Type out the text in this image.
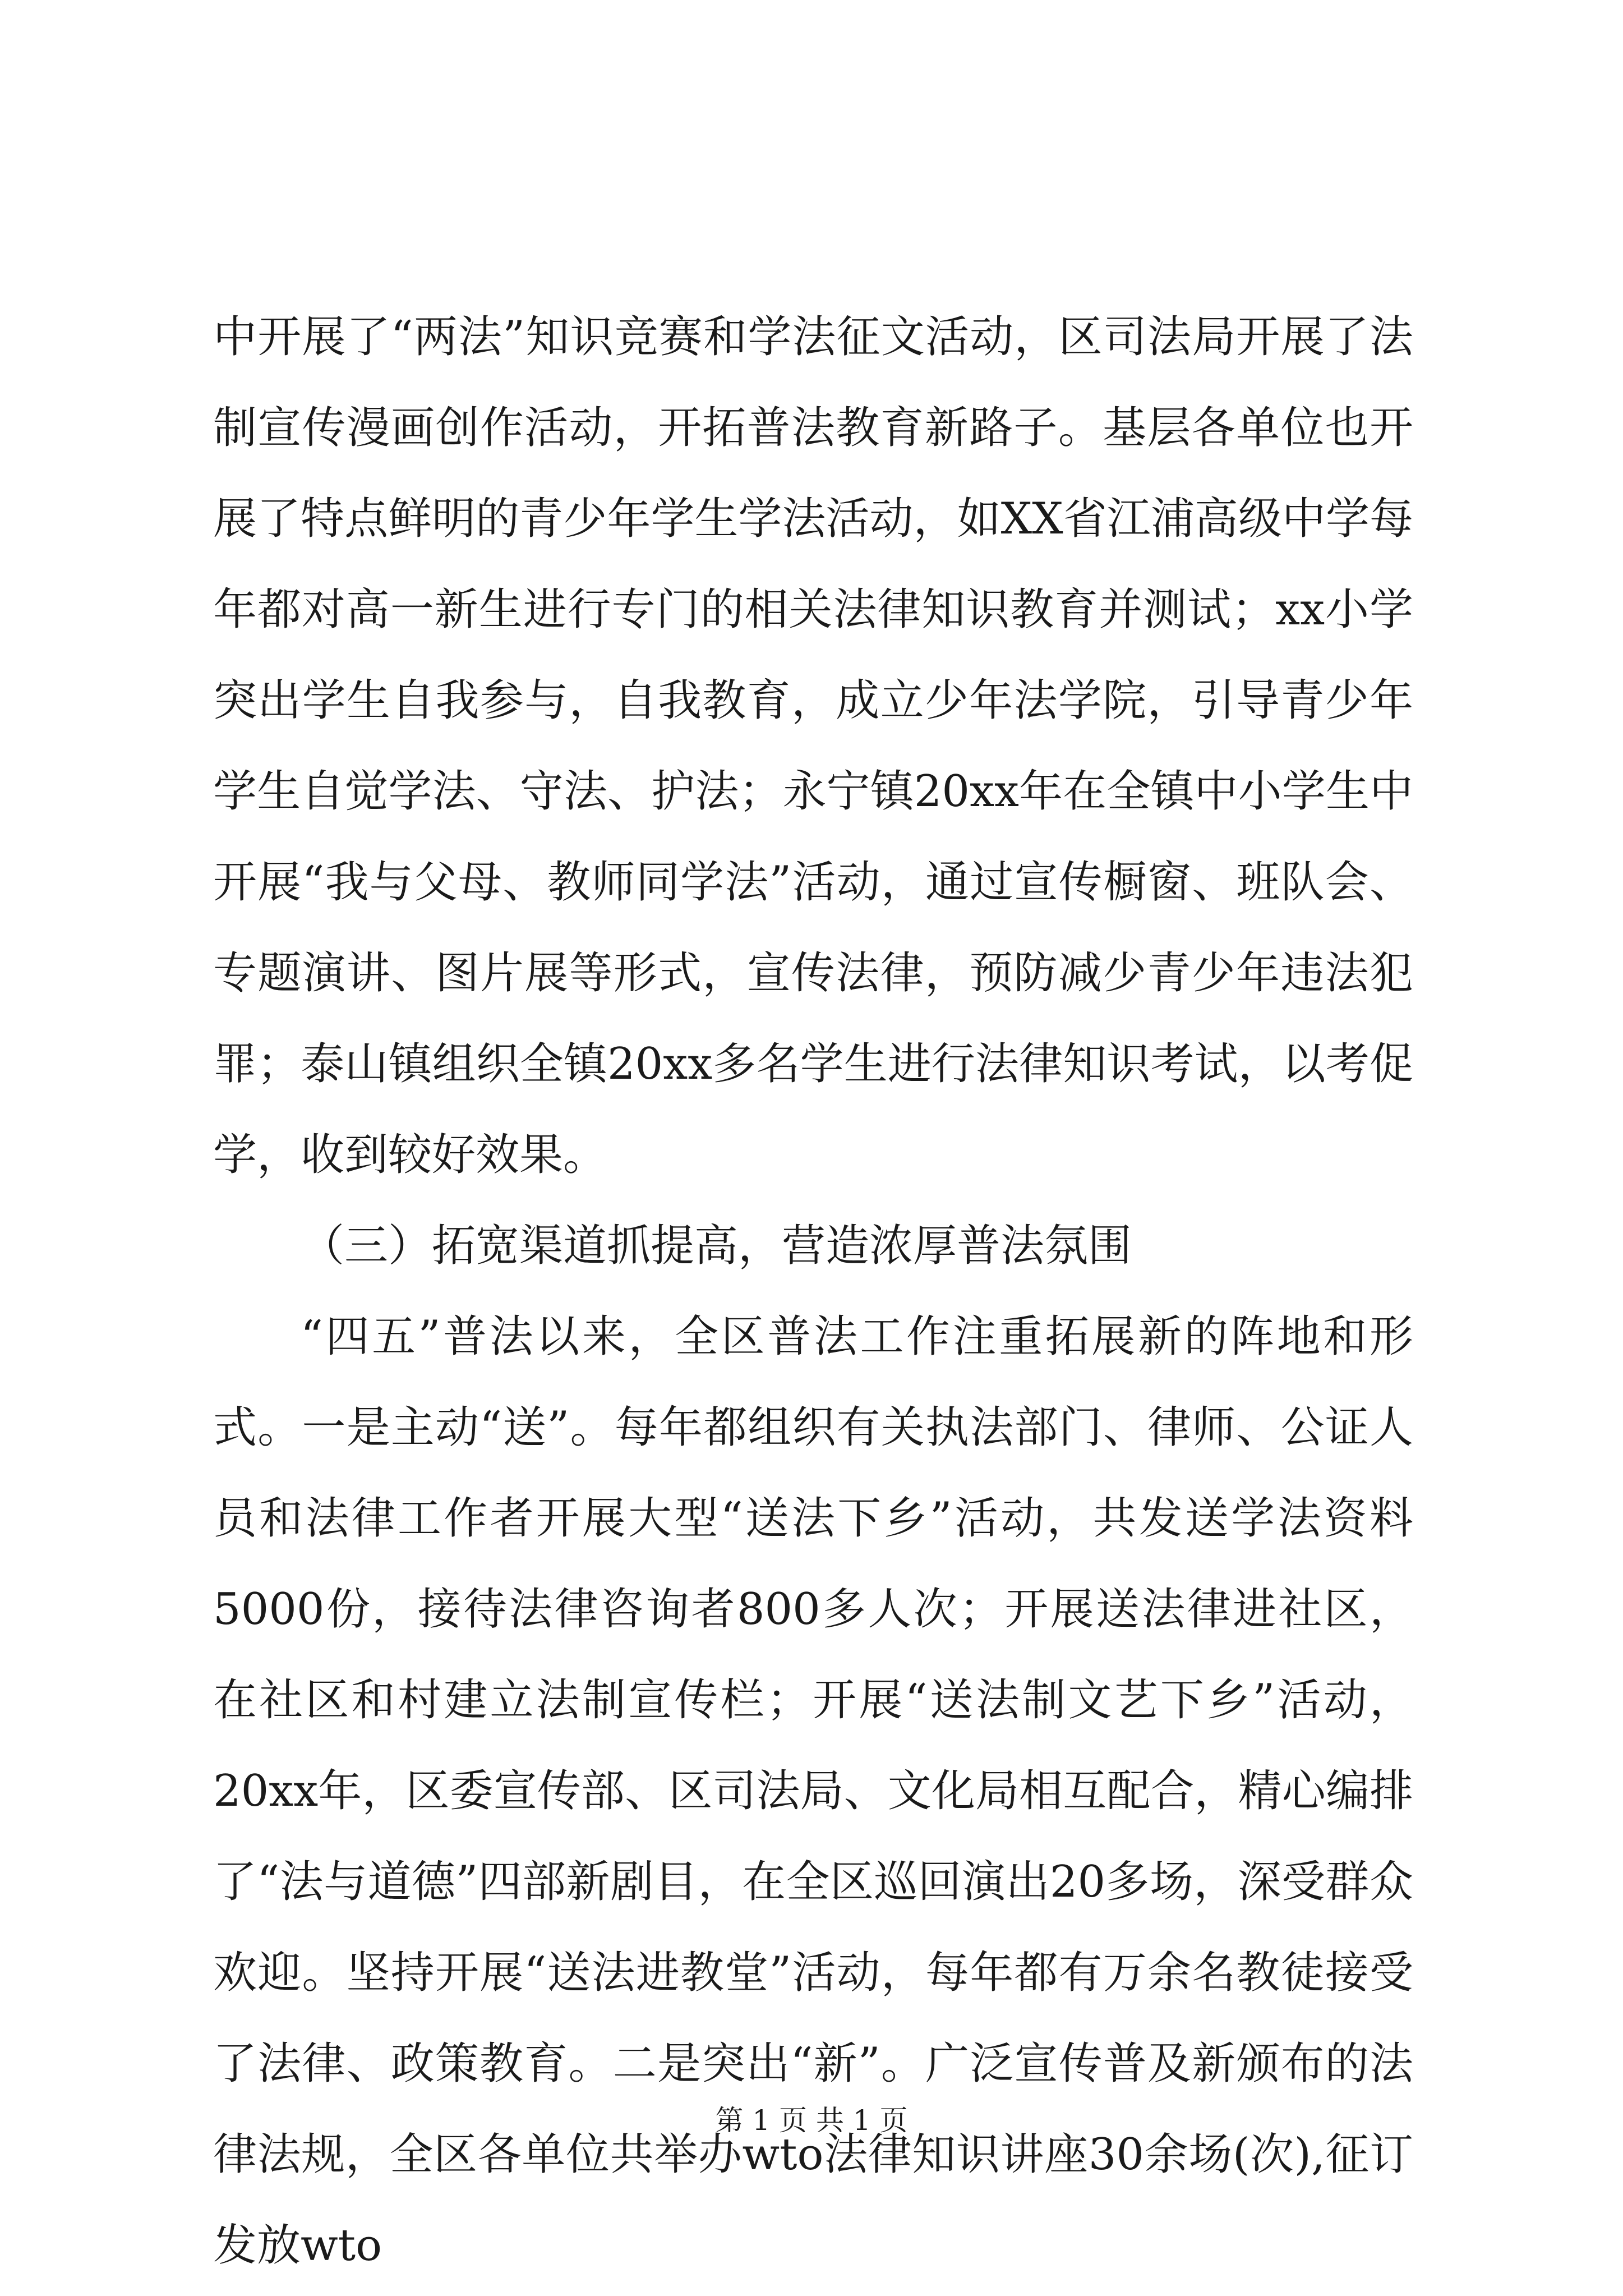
中开展了“两法”知识竞赛和学法征文活动，区司法局开展了法制宣传漫画创作活动，开拓普法教育新路子。基层各单位也开展了特点鲜明的青少年学生学法活动，如XX省江浦高级中学每年都对高一新生进行专门的相关法律知识教育并测试；xx小学突出学生自我参与，自我教育，成立少年法学院，引导青少年学生自觉学法、守法、护法；永宁镇20xx年在全镇中小学生中开展“我与父母、教师同学法”活动，通过宣传橱窗、班队会、专题演讲、图片展等形式，宣传法律，预防减少青少年违法犯罪；泰山镇组织全镇20xx多名学生进行法律知识考试，以考促学，收到较好效果。

（三）拓宽渠道抓提高，营造浓厚普法氛围

“四五”普法以来，全区普法工作注重拓展新的阵地和形式。一是主动“送”。每年都组织有关执法部门、律师、公证人员和法律工作者开展大型“送法下乡”活动，共发送学法资料5000份，接待法律咨询者800多人次；开展送法律进社区，在社区和村建立法制宣传栏；开展“送法制文艺下乡”活动，20xx年，区委宣传部、区司法局、文化局相互配合，精心编排了“法与道德”四部新剧目，在全区巡回演出20多场，深受群众欢迎。坚持开展“送法进教堂”活动，每年都有万余名教徒接受了法律、政策教育。二是突出“新”。广泛宣传普及新颁布的法律法规，全区各单位共举办wto法律知识讲座30余场(次),征订发放wto

第 1 页 共 1 页
